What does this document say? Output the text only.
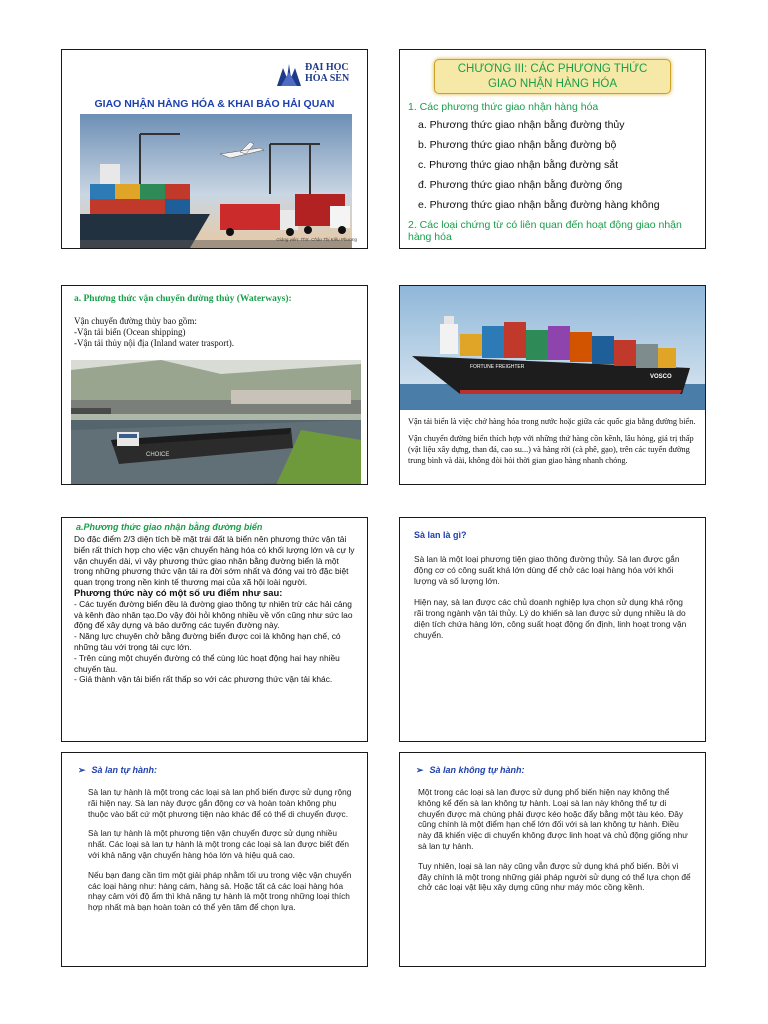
ĐẠI HỌC
HOA SEN
GIAO NHẬN HÀNG HÓA & KHAI BÁO HẢI QUAN
Giảng viên: ThS. Châu Thị Kiều Phương
CHƯƠNG III: CÁC PHƯƠNG THỨC
GIAO NHẬN HÀNG HÓA
1. Các phương thức giao nhận hàng hóa
a. Phương thức giao nhận bằng đường thủy
b. Phương thức giao nhận bằng đường bộ
c. Phương thức giao nhận bằng đường sắt
đ. Phương thức giao nhận bằng đường ống
e. Phương thức giao nhận bằng đường hàng không
2. Các loại chứng từ có liên quan đến hoạt động giao nhận hàng hóa
a. Phương thức vận chuyển đường thủy (Waterways):
Vận chuyển đường thủy bao gồm:
-Vận tải biển (Ocean shipping)
-Vận tải thủy nội địa (Inland water trasport).
CHOICE
FORTUNE FREIGHTER
VOSCO

Vận tải biển là việc chở hàng hóa trong nước hoặc giữa các quốc gia bằng đường biển.

Vận chuyển đường biển thích hợp với những thứ hàng cồn kềnh, lâu hỏng, giá trị thấp (vật liệu xây dựng, than đá, cao su...) và hàng rời (cà phê, gạo), trên các tuyến đường trung bình và dài, không đòi hỏi thời gian giao hàng nhanh chóng.

a.Phương thức giao nhận bằng đường biển

Do đặc điểm 2/3 diện tích bề mặt trái đất là biển nên phương thức vận tải biển rất thích hợp cho việc vận chuyển hàng hóa có khối lượng lớn và cự ly vận chuyển dài, vì vậy phương thức giao nhận bằng đường biển là một trong những phương thức vận tải ra đời sớm nhất và đóng vai trò đặc biệt quan trọng trong nền kinh tế thương mại của xã hội loài người.

Phương thức này có một số ưu điểm như sau:

- Các tuyến đường biển đều là đường giao thông tự nhiên trừ các hải cảng và kênh đào nhân tạo.Do vậy đòi hỏi không nhiều về vốn cũng như sức lao động để xây dựng và bảo dưỡng các tuyến đường này.

- Năng lực chuyên chở bằng đường biển được coi là không hạn chế, có những tàu với trọng tải cực lớn.

- Trên cùng một chuyến đường có thể cùng lúc hoạt động hai hay nhiều chuyến tàu.

- Giá thành vận tải biển rất thấp so với các phương thức vận tải khác.

Sà lan là gì?

Sà lan là một loại phương tiện giao thông đường thủy. Sà lan được gắn động cơ có công suất khá lớn dùng để chở các loại hàng hóa với khối lượng và số lượng lớn.

Hiện nay, sà lan được các chủ doanh nghiệp lựa chọn sử dụng khá rộng rãi trong ngành vận tải thủy. Lý do khiến sà lan được sử dụng nhiều là do diện tích chứa hàng lớn, công suất hoạt động ổn định, linh hoạt trong vận chuyển.

➢ Sà lan tự hành:

Sà lan tự hành là một trong các loại sà lan phổ biến được sử dụng rộng rãi hiện nay. Sà lan này được gắn động cơ và hoàn toàn không phụ thuộc vào bất cứ một phương tiện nào khác để có thể di chuyển được.

Sà lan tự hành là một phương tiện vận chuyển được sử dụng nhiều nhất. Các loại sà lan tự hành là một trong các loại sà lan được biết đến với khả năng vận chuyển hàng hóa lớn và hiệu quả cao.

Nếu bạn đang cần tìm một giải pháp nhằm tối ưu trong việc vận chuyển các loại hàng như: hàng cám, hàng sả. Hoặc tất cả các loại hàng hóa nhạy cảm với độ ẩm thì khả năng tự hành là một trong những loại thích hợp nhất mà bạn hoàn toàn có thể yên tâm để chọn lựa.

➢ Sà lan không tự hành:

Một trong các loại sà lan được sử dụng phổ biến hiện nay không thể không kể đến sà lan không tự hành. Loại sà lan này không thể tự di chuyển được mà chúng phải được kéo hoặc đẩy bằng một tàu kéo. Đây cũng chính là một điểm hạn chế lớn đối với sà lan không tự hành. Điều này đã khiến việc di chuyển không được linh hoạt và chủ động giống như sà lan tự hành.

Tuy nhiên, loại sà lan này cũng vẫn được sử dụng khá phổ biến. Bởi vì đây chính là một trong những giải pháp người sử dụng có thể lựa chọn để chở các loại vật liệu xây dựng cũng như máy móc cồng kềnh.
